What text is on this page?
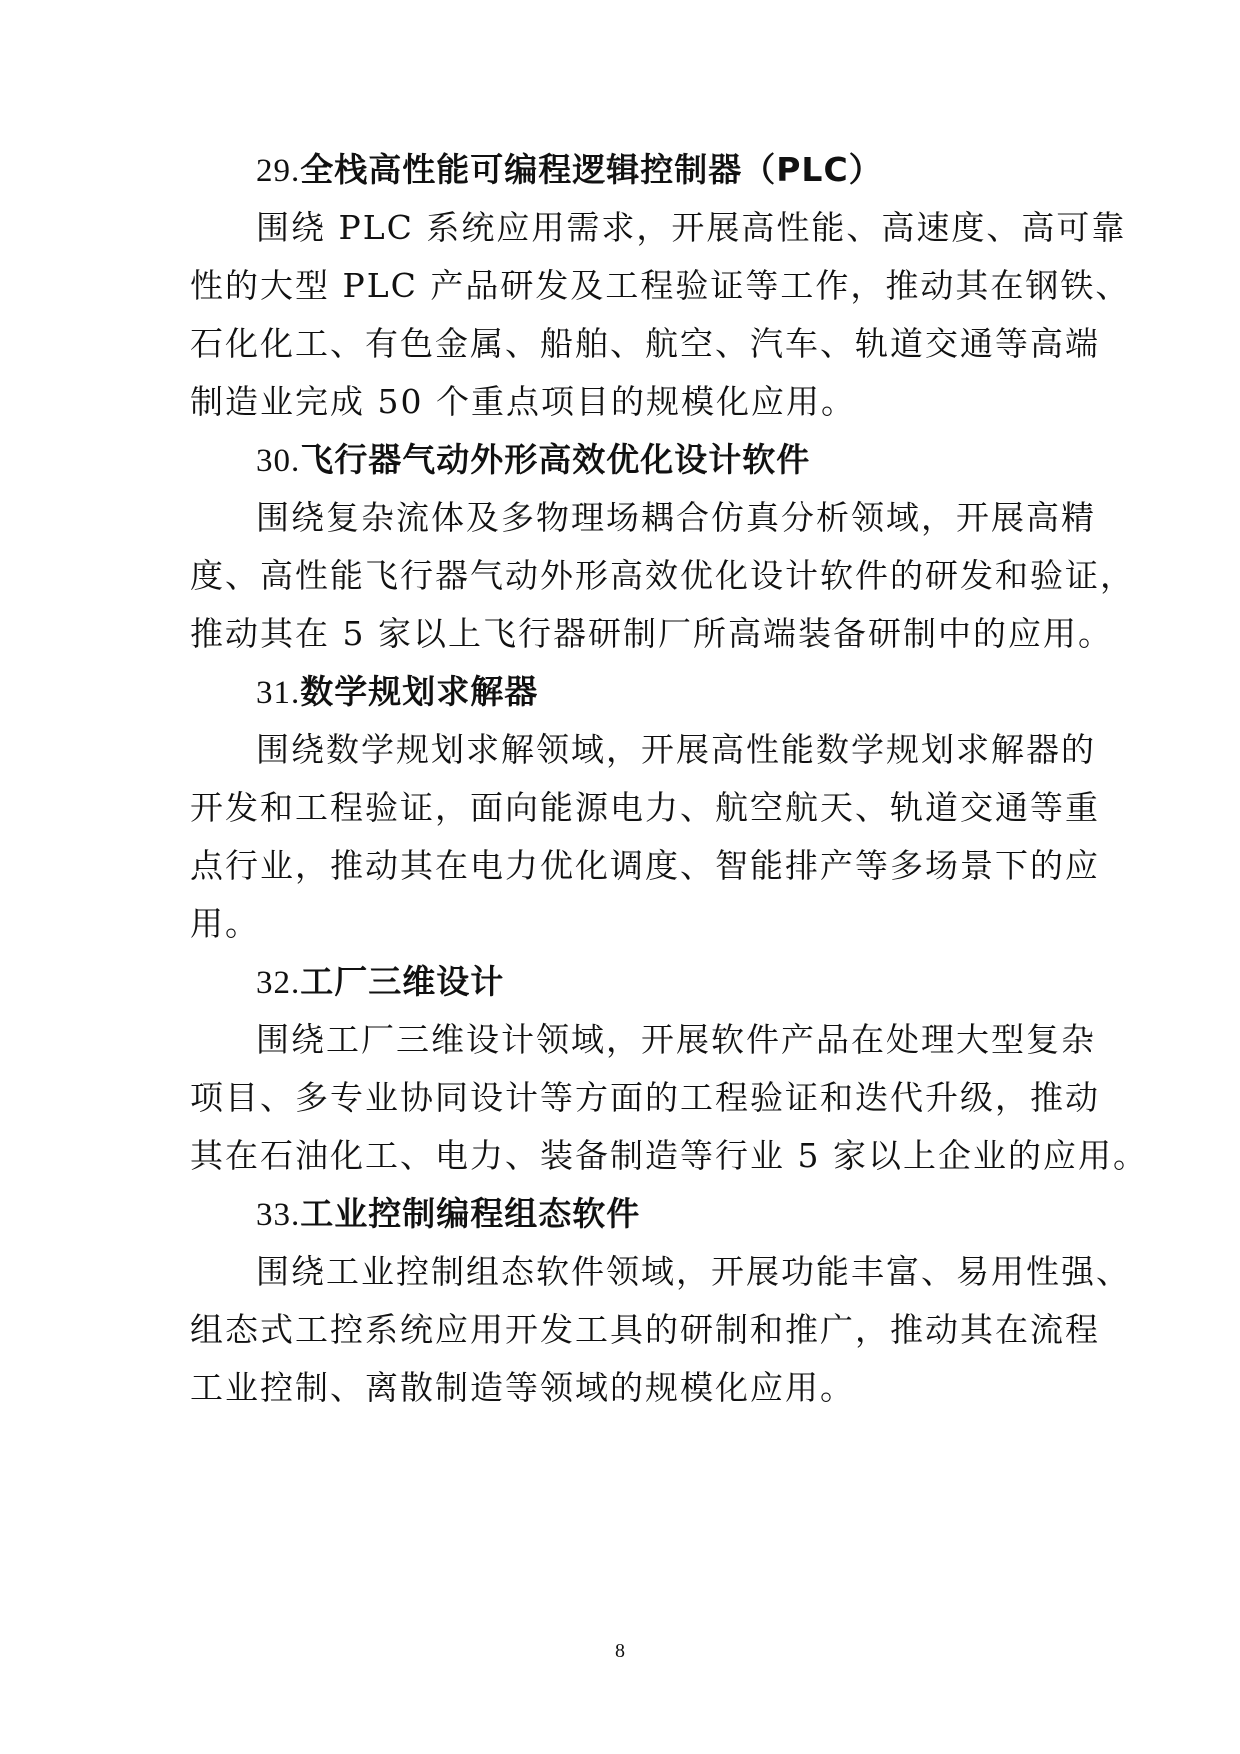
29.全栈高性能可编程逻辑控制器（PLC）
围绕 PLC 系统应用需求，开展高性能、高速度、高可靠
性的大型 PLC 产品研发及工程验证等工作，推动其在钢铁、
石化化工、有色金属、船舶、航空、汽车、轨道交通等高端
制造业完成 50 个重点项目的规模化应用。
30.飞行器气动外形高效优化设计软件
围绕复杂流体及多物理场耦合仿真分析领域，开展高精
度、高性能飞行器气动外形高效优化设计软件的研发和验证，
推动其在 5 家以上飞行器研制厂所高端装备研制中的应用。
31.数学规划求解器
围绕数学规划求解领域，开展高性能数学规划求解器的
开发和工程验证，面向能源电力、航空航天、轨道交通等重
点行业，推动其在电力优化调度、智能排产等多场景下的应
用。
32.工厂三维设计
围绕工厂三维设计领域，开展软件产品在处理大型复杂
项目、多专业协同设计等方面的工程验证和迭代升级，推动
其在石油化工、电力、装备制造等行业 5 家以上企业的应用。
33.工业控制编程组态软件
围绕工业控制组态软件领域，开展功能丰富、易用性强、
组态式工控系统应用开发工具的研制和推广，推动其在流程
工业控制、离散制造等领域的规模化应用。
8
